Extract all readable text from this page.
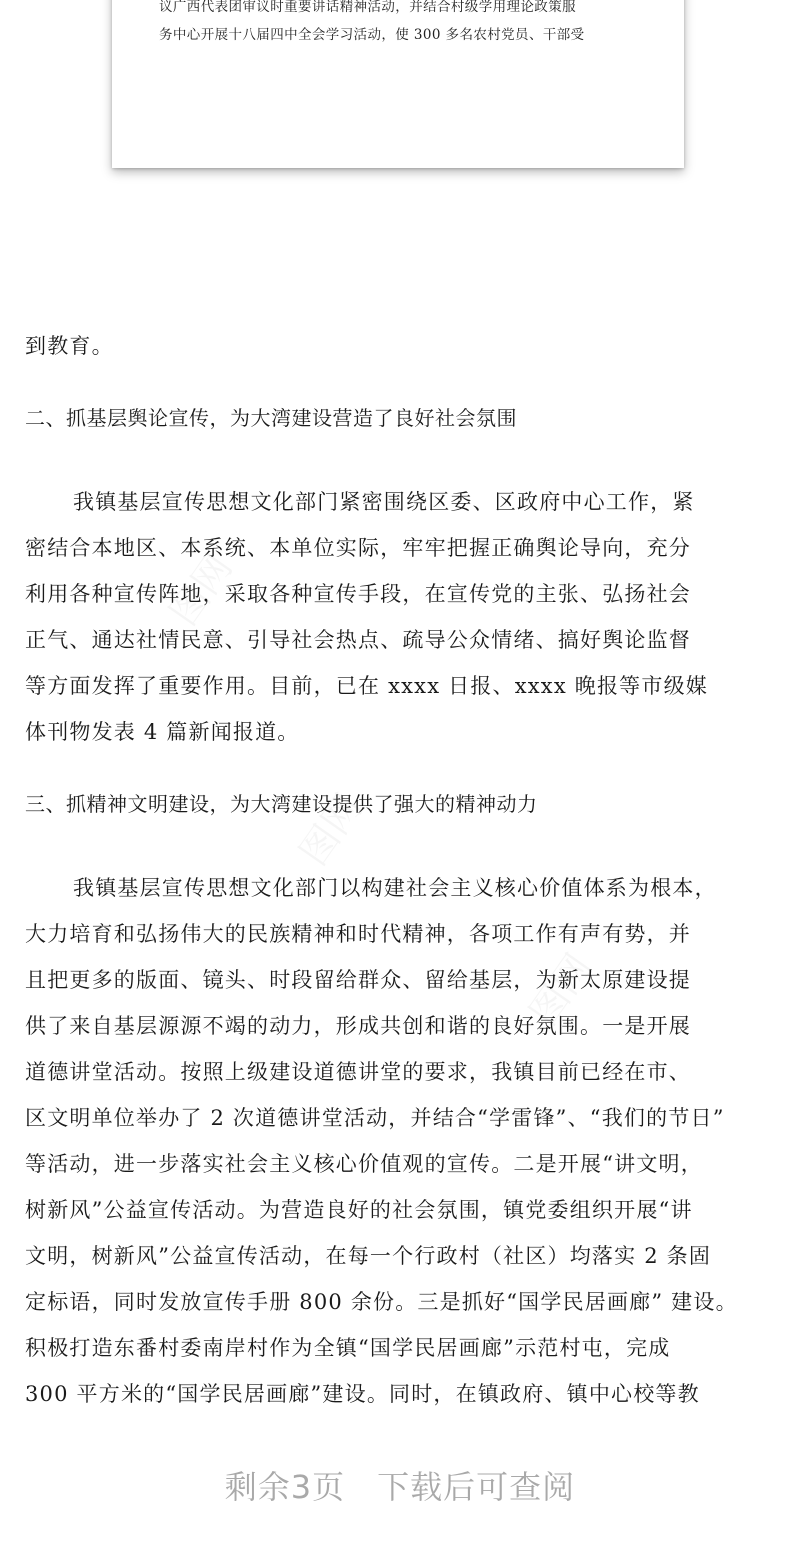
议广西代表团审议时重要讲话精神活动，并结合村级学用理论政策服
务中心开展十八届四中全会学习活动，使 300 多名农村党员、干部受
到教育。
二、抓基层舆论宣传，为大湾建设营造了良好社会氛围
我镇基层宣传思想文化部门紧密围绕区委、区政府中心工作，紧
密结合本地区、本系统、本单位实际，牢牢把握正确舆论导向，充分
利用各种宣传阵地，采取各种宣传手段，在宣传党的主张、弘扬社会
正气、通达社情民意、引导社会热点、疏导公众情绪、搞好舆论监督
等方面发挥了重要作用。目前，已在 xxxx 日报、xxxx 晚报等市级媒
体刊物发表 4 篇新闻报道。
三、抓精神文明建设，为大湾建设提供了强大的精神动力
我镇基层宣传思想文化部门以构建社会主义核心价值体系为根本，
大力培育和弘扬伟大的民族精神和时代精神，各项工作有声有势，并
且把更多的版面、镜头、时段留给群众、留给基层，为新太原建设提
供了来自基层源源不竭的动力，形成共创和谐的良好氛围。一是开展
道德讲堂活动。按照上级建设道德讲堂的要求，我镇目前已经在市、
区文明单位举办了 2 次道德讲堂活动，并结合“学雷锋”、“我们的节日”
等活动，进一步落实社会主义核心价值观的宣传。二是开展“讲文明，
树新风”公益宣传活动。为营造良好的社会氛围，镇党委组织开展“讲
文明，树新风”公益宣传活动，在每一个行政村（社区）均落实 2 条固
定标语，同时发放宣传手册 800 余份。三是抓好“国学民居画廊” 建设。
积极打造东番村委南岸村作为全镇“国学民居画廊”示范村屯，完成
300 平方米的“国学民居画廊”建设。同时，在镇政府、镇中心校等教
剩余3页 下载后可查阅
